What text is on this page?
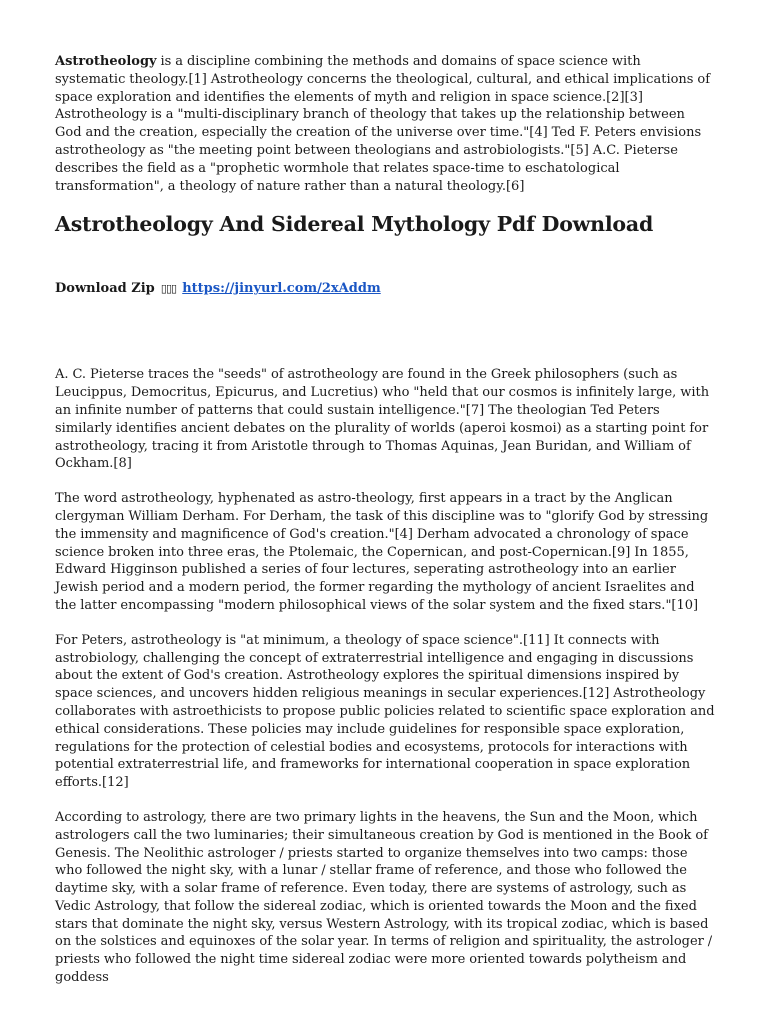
Astrotheology is a discipline combining the methods and domains of space science with systematic theology.[1] Astrotheology concerns the theological, cultural, and ethical implications of space exploration and identifies the elements of myth and religion in space science.[2][3] Astrotheology is a "multi-disciplinary branch of theology that takes up the relationship between God and the creation, especially the creation of the universe over time."[4] Ted F. Peters envisions astrotheology as "the meeting point between theologians and astrobiologists."[5] A.C. Pieterse describes the field as a "prophetic wormhole that relates space-time to eschatological transformation", a theology of nature rather than a natural theology.[6]

Astrotheology And Sidereal Mythology Pdf Download
Download Zip ▯▯▯ https://jinyurl.com/2xAddm

A. C. Pieterse traces the "seeds" of astrotheology are found in the Greek philosophers (such as Leucippus, Democritus, Epicurus, and Lucretius) who "held that our cosmos is infinitely large, with an infinite number of patterns that could sustain intelligence."[7] The theologian Ted Peters similarly identifies ancient debates on the plurality of worlds (aperoi kosmoi) as a starting point for astrotheology, tracing it from Aristotle through to Thomas Aquinas, Jean Buridan, and William of Ockham.[8]

The word astrotheology, hyphenated as astro-theology, first appears in a tract by the Anglican clergyman William Derham. For Derham, the task of this discipline was to "glorify God by stressing the immensity and magnificence of God's creation."[4] Derham advocated a chronology of space science broken into three eras, the Ptolemaic, the Copernican, and post-Copernican.[9] In 1855, Edward Higginson published a series of four lectures, seperating astrotheology into an earlier Jewish period and a modern period, the former regarding the mythology of ancient Israelites and the latter encompassing "modern philosophical views of the solar system and the fixed stars."[10]

For Peters, astrotheology is "at minimum, a theology of space science".[11] It connects with astrobiology, challenging the concept of extraterrestrial intelligence and engaging in discussions about the extent of God's creation. Astrotheology explores the spiritual dimensions inspired by space sciences, and uncovers hidden religious meanings in secular experiences.[12] Astrotheology collaborates with astroethicists to propose public policies related to scientific space exploration and ethical considerations. These policies may include guidelines for responsible space exploration, regulations for the protection of celestial bodies and ecosystems, protocols for interactions with potential extraterrestrial life, and frameworks for international cooperation in space exploration efforts.[12]

According to astrology, there are two primary lights in the heavens, the Sun and the Moon, which astrologers call the two luminaries; their simultaneous creation by God is mentioned in the Book of Genesis. The Neolithic astrologer / priests started to organize themselves into two camps: those who followed the night sky, with a lunar / stellar frame of reference, and those who followed the daytime sky, with a solar frame of reference. Even today, there are systems of astrology, such as Vedic Astrology, that follow the sidereal zodiac, which is oriented towards the Moon and the fixed stars that dominate the night sky, versus Western Astrology, with its tropical zodiac, which is based on the solstices and equinoxes of the solar year. In terms of religion and spirituality, the astrologer / priests who followed the night time sidereal zodiac were more oriented towards polytheism and goddess
